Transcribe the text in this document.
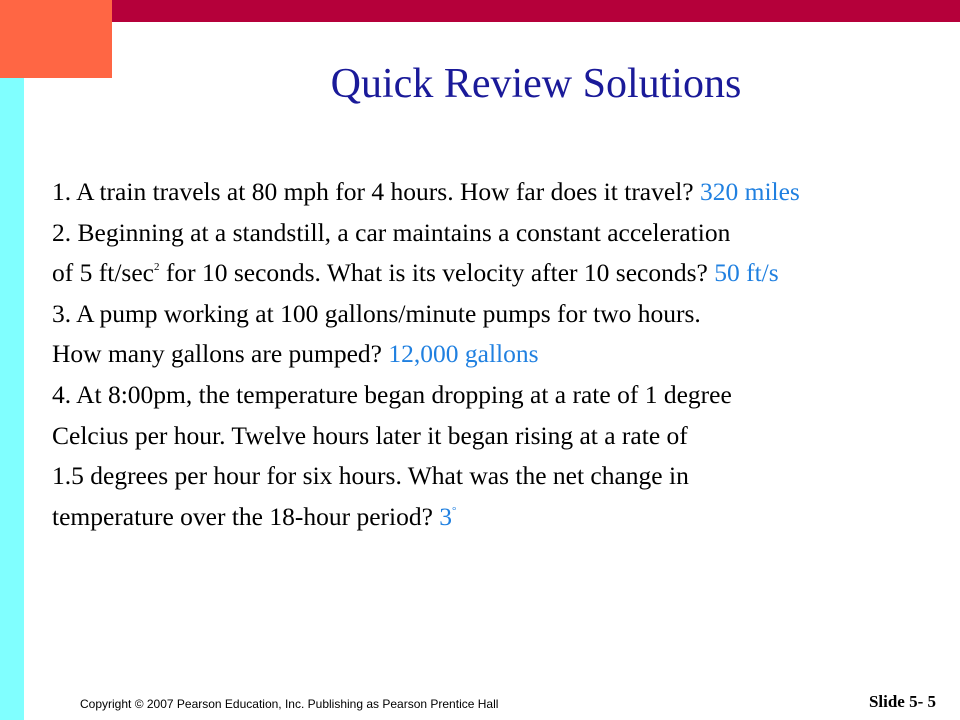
Quick Review Solutions
1. A train travels at 80 mph for 4 hours. How far does it travel? 320 miles
2. Beginning at a standstill, a car maintains a constant acceleration
of 5 $ft/\sec^2$ for 10 seconds. What is its velocity after 10 seconds? 50 ft/s
3. A pump working at 100 gallons/minute pumps for two hours.
How many gallons are pumped? 12,000 gallons
4. At 8:00pm, the temperature began dropping at a rate of 1 degree
Celcius per hour. Twelve hours later it began rising at a rate of
1.5 degrees per hour for six hours. What was the net change in
temperature over the 18-hour period? 3°
Copyright © 2007 Pearson Education, Inc. Publishing as Pearson Prentice Hall	Slide 5- 5
